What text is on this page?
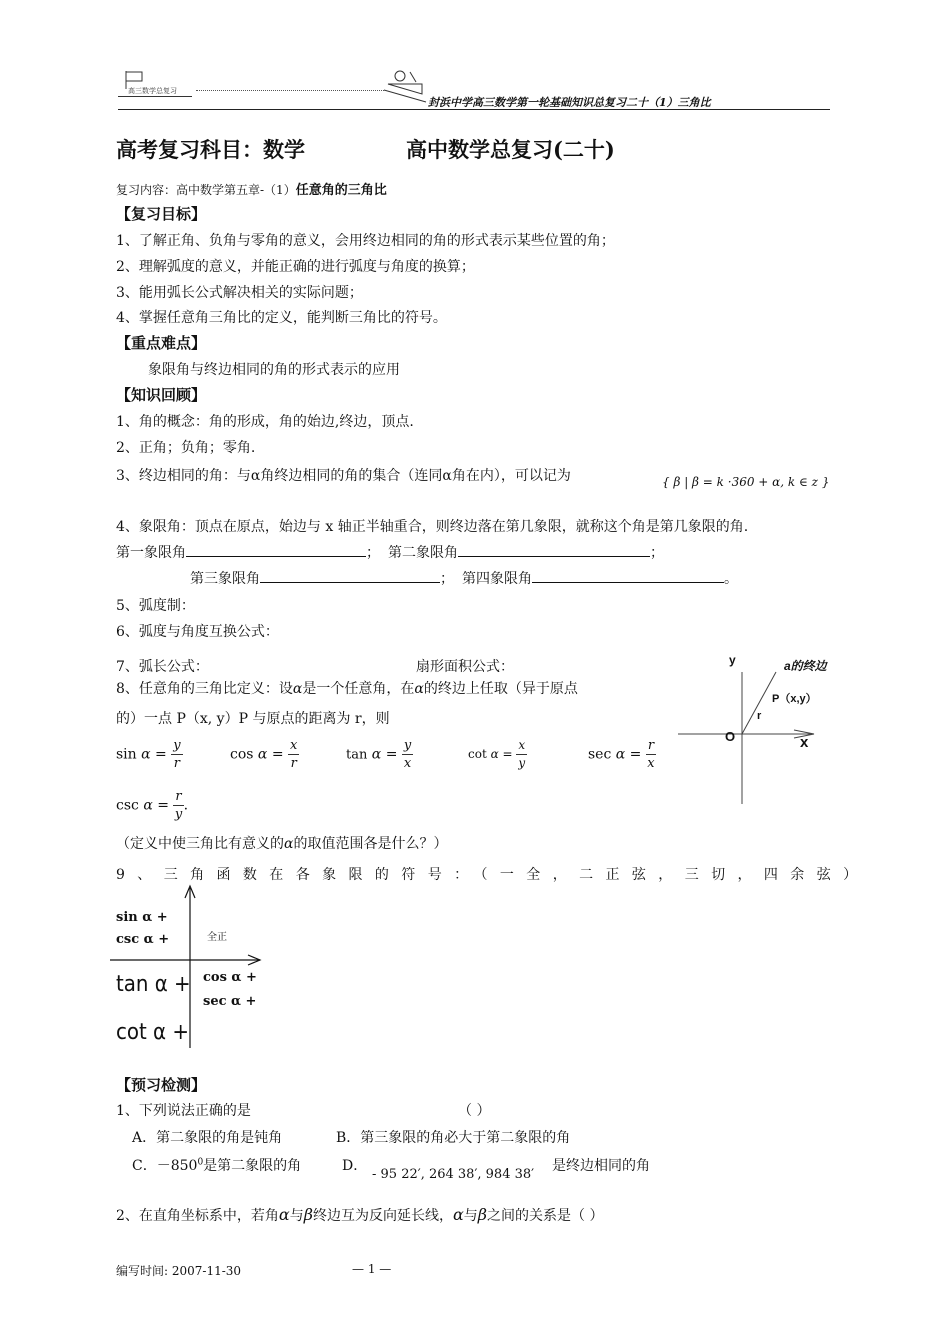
高三数学总复习
封浜中学高三数学第一轮基础知识总复习二十（1）三角比
高考复习科目：数学	高中数学总复习(二十)
复习内容：高中数学第五章-（1）任意角的三角比
【复习目标】
1、了解正角、负角与零角的意义，会用终边相同的角的形式表示某些位置的角；
2、理解弧度的意义，并能正确的进行弧度与角度的换算；
3、能用弧长公式解决相关的实际问题；
4、掌握任意角三角比的定义，能判断三角比的符号。
【重点难点】
象限角与终边相同的角的形式表示的应用
【知识回顾】
1、角的概念：角的形成，角的始边,终边，顶点.
2、正角；负角；零角.
3、终边相同的角：与α角终边相同的角的集合（连同α角在内），可以记为	{ β | β = k ·360 + α, k ∈ z }
4、象限角：顶点在原点，始边与 x 轴正半轴重合，则终边落在第几象限，就称这个角是第几象限的角.
第一象限角	； 第二象限角	；
第三象限角	； 第四象限角	。
5、弧度制：
6、弧度与角度互换公式：
7、弧长公式：	扇形面积公式：
8、任意角的三角比定义：设α是一个任意角，在α的终边上任取（异于原点
的）一点 P（x, y）P 与原点的距离为 r，则
$\sin \alpha = \frac{y}{r}$	$\cos \alpha = \frac{x}{r}$	$\tan \alpha = \frac{y}{x}$	$\cot \alpha = \frac{x}{y}$	$\sec \alpha = \frac{r}{x}$
$\csc \alpha = \frac{r}{y}$ .
（定义中使三角比有意义的α的取值范围各是什么？）
y	a的终边
P（x,y）
r
O	x
9、三角函数在各象限的符号：（一全，二正弦，三切，四余弦）
sin α +
csc α +	全正
tan α +
cot α +
cos α +
sec α +
【预习检测】
1、下列说法正确的是	（ ）
A．第二象限的角是钝角	B．第三象限的角必大于第二象限的角
C．$-850^0$是第二象限的角	D．
- 95 22′, 264 38′, 984 38′
是终边相同的角
2、在直角坐标系中，若角α与β终边互为反向延长线，α与β之间的关系是（ ）
编写时间: 2007-11-30	— 1 —
